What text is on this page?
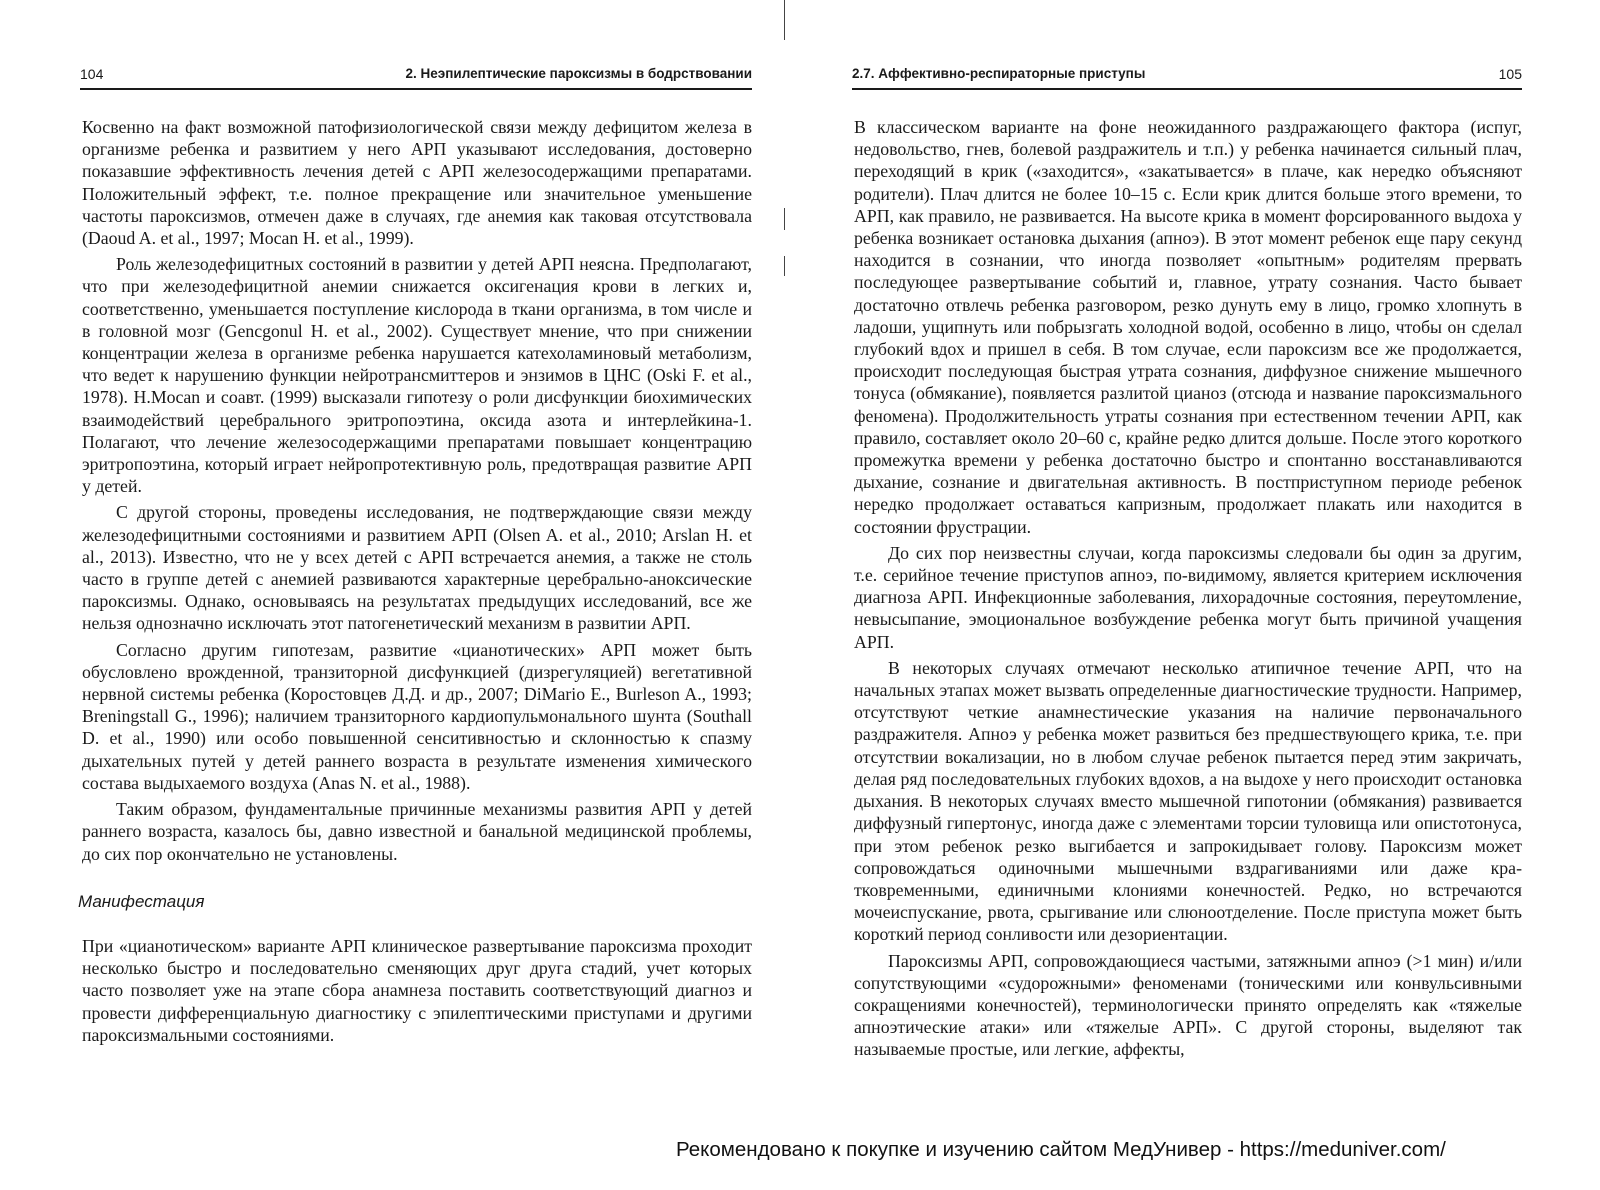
104	2. Неэпилептические пароксизмы в бодрствовании

Косвенно на факт возможной патофизиологической связи между дефицитом железа в организме ребенка и развитием у него АРП указывают исследования, достоверно показавшие эффективность лечения детей с АРП железосодержащими препаратами. Положительный эффект, т.е. полное прекращение или значительное уменьшение частоты пароксизмов, отмечен даже в случаях, где анемия как таковая отсутствовала (Daoud A. et al., 1997; Mocan H. et al., 1999).

Роль железодефицитных состояний в развитии у детей АРП неясна. Предполагают, что при железодефицитной анемии снижается оксигенация крови в легких и, соответственно, уменьшается поступление кислорода в ткани организма, в том числе и в головной мозг (Gencgonul H. et al., 2002). Существует мнение, что при снижении концентрации железа в организме ребенка нарушается катехоламиновый метаболизм, что ведет к нарушению функции нейротрансмиттеров и энзимов в ЦНС (Oski F. et al., 1978). H.Mocan и соавт. (1999) высказали гипотезу о роли дисфункции биохимических взаимодействий церебрального эритропоэтина, оксида азота и интерлейкина-1. Полагают, что лечение железосодержащими препаратами повышает концентрацию эритропоэтина, который играет нейропротективную роль, предотвращая развитие АРП у детей.

С другой стороны, проведены исследования, не подтверждающие связи между железодефицитными состояниями и развитием АРП (Olsen A. et al., 2010; Arslan H. et al., 2013). Известно, что не у всех детей с АРП встречается анемия, а также не столь часто в группе детей с анемией развиваются характерные церебрально-аноксические пароксизмы. Однако, основываясь на результатах предыдущих исследований, все же нельзя однозначно исключать этот патогенетический механизм в развитии АРП.

Согласно другим гипотезам, развитие «цианотических» АРП может быть обусловлено врожденной, транзиторной дисфункцией (дизрегуляцией) вегетативной нервной системы ребенка (Коростовцев Д.Д. и др., 2007; DiMario E., Burleson A., 1993; Breningstall G., 1996); наличием транзиторного кардиопульмонального шунта (Southall D. et al., 1990) или особо повышенной сенситивностью и склонностью к спазму дыхательных путей у детей раннего возраста в результате изменения химического состава выдыхаемого воздуха (Anas N. et al., 1988).

Таким образом, фундаментальные причинные механизмы развития АРП у детей раннего возраста, казалось бы, давно известной и банальной медицинской проблемы, до сих пор окончательно не установлены.

Манифестация

При «цианотическом» варианте АРП клиническое развертывание пароксизма проходит несколько быстро и последовательно сменяющих друг друга стадий, учет которых часто позволяет уже на этапе сбора анамнеза поставить соответствующий диагноз и провести дифференциальную диагностику с эпилептическими приступами и другими пароксизмальными состояниями.

2.7. Аффективно-респираторные приступы	105

В классическом варианте на фоне неожиданного раздражающего фактора (испуг, недовольство, гнев, болевой раздражитель и т.п.) у ребенка начинается сильный плач, переходящий в крик («заходится», «закатывается» в плаче, как нередко объясняют родители). Плач длится не более 10–15 с. Если крик длится больше этого времени, то АРП, как правило, не развивается. На высоте крика в момент форсированного выдоха у ребенка возникает остановка дыхания (апноэ). В этот момент ребенок еще пару секунд находится в сознании, что иногда позволяет «опытным» родителям прервать последующее развертывание событий и, главное, утрату сознания. Часто бывает достаточно отвлечь ребенка разговором, резко дунуть ему в лицо, громко хлопнуть в ладоши, ущипнуть или побрызгать холодной водой, особенно в лицо, чтобы он сделал глубокий вдох и пришел в себя. В том случае, если пароксизм все же продолжается, происходит последующая быстрая утрата сознания, диффузное снижение мышечного тонуса (обмякание), появляется разлитой цианоз (отсюда и название пароксизмального феномена). Продолжительность утраты сознания при естественном течении АРП, как правило, составляет около 20–60 с, крайне редко длится дольше. После этого короткого промежутка времени у ребенка достаточно быстро и спонтанно восстанавливаются дыхание, сознание и двигательная активность. В постприступном периоде ребенок нередко продолжает оставаться капризным, продолжает плакать или находится в состоянии фрустрации.

До сих пор неизвестны случаи, когда пароксизмы следовали бы один за другим, т.е. серийное течение приступов апноэ, по-видимому, является критерием исключения диагноза АРП. Инфекционные заболевания, лихорадочные состояния, переутомление, невысыпание, эмоциональное возбуждение ребенка могут быть причиной учащения АРП.

В некоторых случаях отмечают несколько атипичное течение АРП, что на начальных этапах может вызвать определенные диагностические трудности. Например, отсутствуют четкие анамнестические указания на наличие первоначального раздражителя. Апноэ у ребенка может развиться без предшествующего крика, т.е. при отсутствии вокализации, но в любом случае ребенок пытается перед этим закричать, делая ряд последовательных глубоких вдохов, а на выдохе у него происходит остановка дыхания. В некоторых случаях вместо мышечной гипотонии (обмякания) развивается диффузный гипертонус, иногда даже с элементами торсии туловища или опистотонуса, при этом ребенок резко выгибается и запрокидывает голову. Пароксизм может сопровождаться одиночными мышечными вздрагиваниями или даже кратковременными, единичными клониями конечностей. Редко, но встречаются мочеиспускание, рвота, срыгивание или слюноотделение. После приступа может быть короткий период сонливости или дезориентации.

Пароксизмы АРП, сопровождающиеся частыми, затяжными апноэ (>1 мин) и/или сопутствующими «судорожными» феноменами (тоническими или конвульсивными сокращениями конечностей), терминологически принято определять как «тяжелые апноэтические атаки» или «тяжелые АРП». С другой стороны, выделяют так называемые простые, или легкие, аффекты,

Рекомендовано к покупке и изучению сайтом МедУнивер - https://meduniver.com/
